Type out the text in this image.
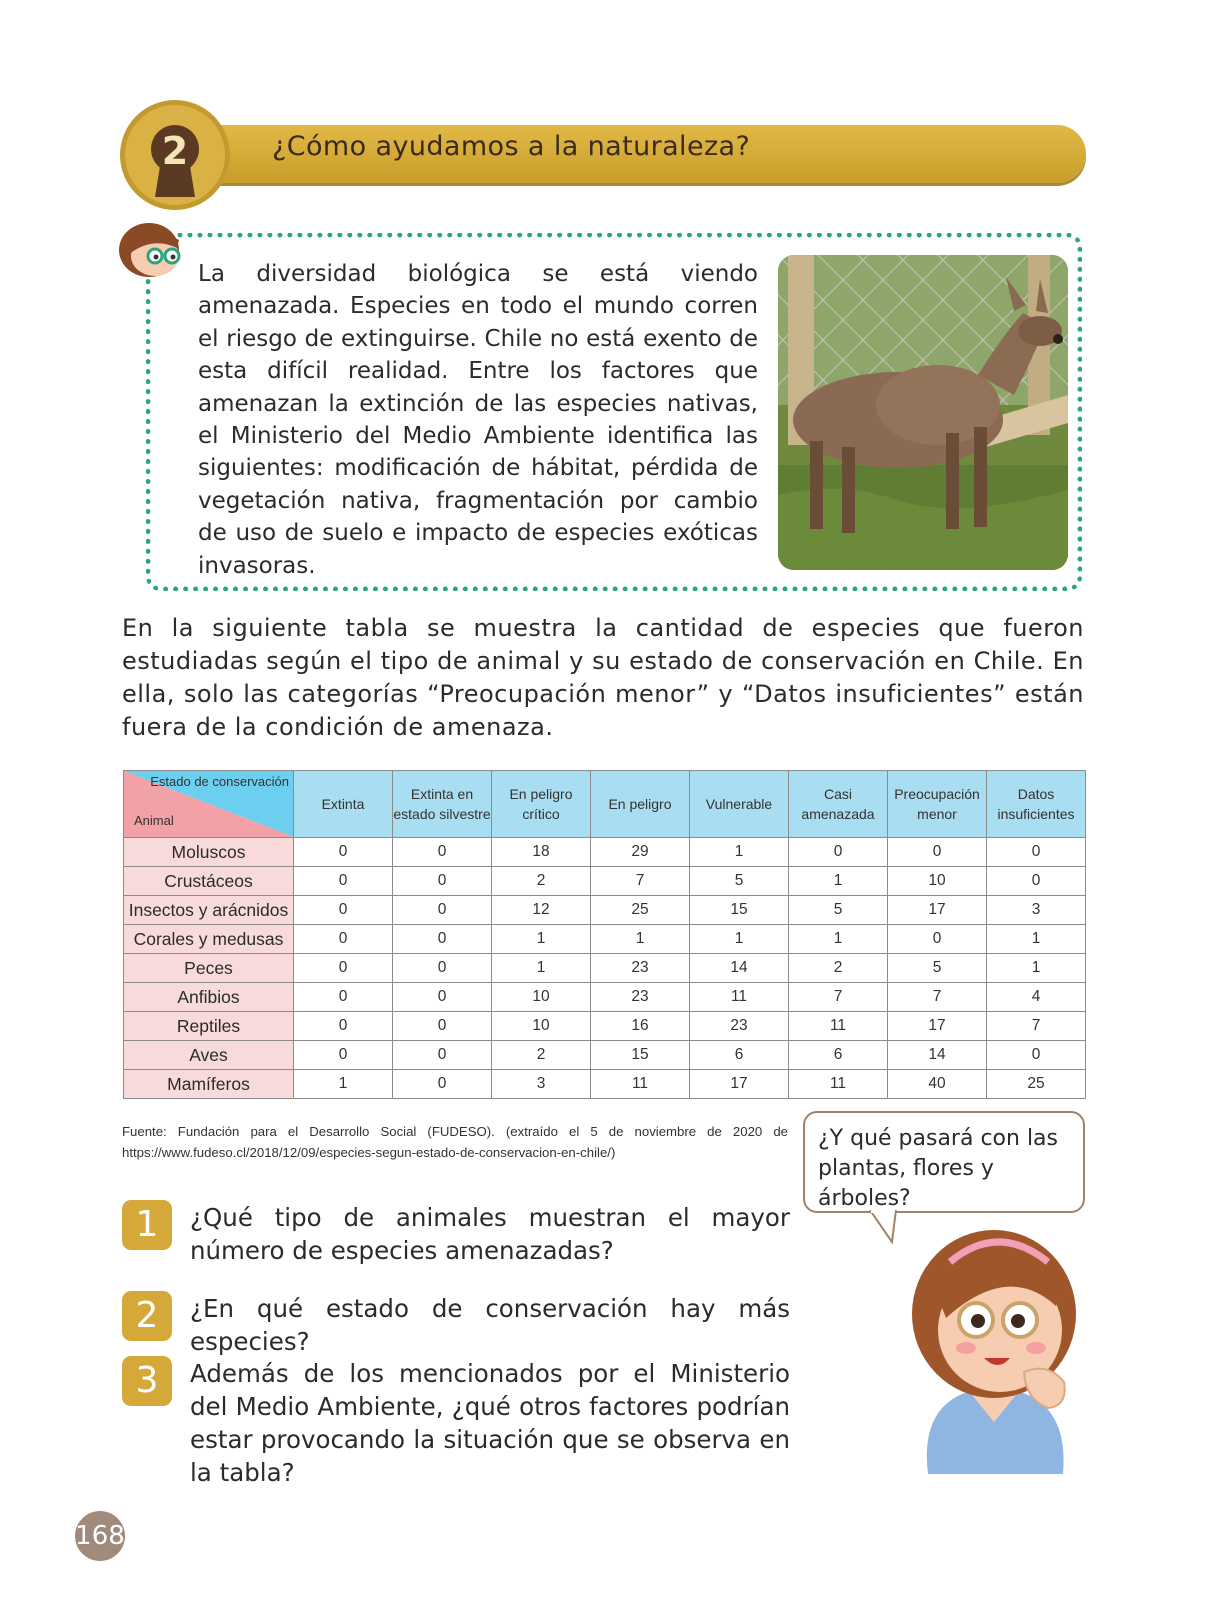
¿Cómo ayudamos a la naturaleza?
2

La diversidad biológica se está viendo amenazada. Especies en todo el mundo corren el riesgo de extinguirse. Chile no está exento de esta difícil realidad. Entre los factores que amenazan la extinción de las especies nativas, el Ministerio del Medio Ambiente identifica las siguientes: modificación de hábitat, pérdida de vegetación nativa, fragmentación por cambio de uso de suelo e impacto de especies exóticas invasoras.

En la siguiente tabla se muestra la cantidad de especies que fueron estudiadas según el tipo de animal y su estado de conservación en Chile. En ella, solo las categorías “Preocupación menor” y “Datos insuficientes” están fuera de la condición de amenaza.

Estado de conservación
Animal	Extinta	Extinta en estado silvestre	En peligro crítico	En peligro	Vulnerable	Casi amenazada	Preocupación menor	Datos insuficientes
Moluscos	0	0	18	29	1	0	0	0
Crustáceos	0	0	2	7	5	1	10	0
Insectos y arácnidos	0	0	12	25	15	5	17	3
Corales y medusas	0	0	1	1	1	1	0	1
Peces	0	0	1	23	14	2	5	1
Anfibios	0	0	10	23	11	7	7	4
Reptiles	0	0	10	16	23	11	17	7
Aves	0	0	2	15	6	6	14	0
Mamíferos	1	0	3	11	17	11	40	25

Fuente: Fundación para el Desarrollo Social (FUDESO). (extraído el 5 de noviembre de 2020 de https://www.fudeso.cl/2018/12/09/especies-segun-estado-de-conservacion-en-chile/)

¿Y qué pasará con las plantas, flores y árboles?

1	¿Qué tipo de animales muestran el mayor número de especies amenazadas?

2	¿En qué estado de conservación hay más especies?

3	Además de los mencionados por el Ministerio del Medio Ambiente, ¿qué otros factores podrían estar provocando la situación que se observa en la tabla?

168
